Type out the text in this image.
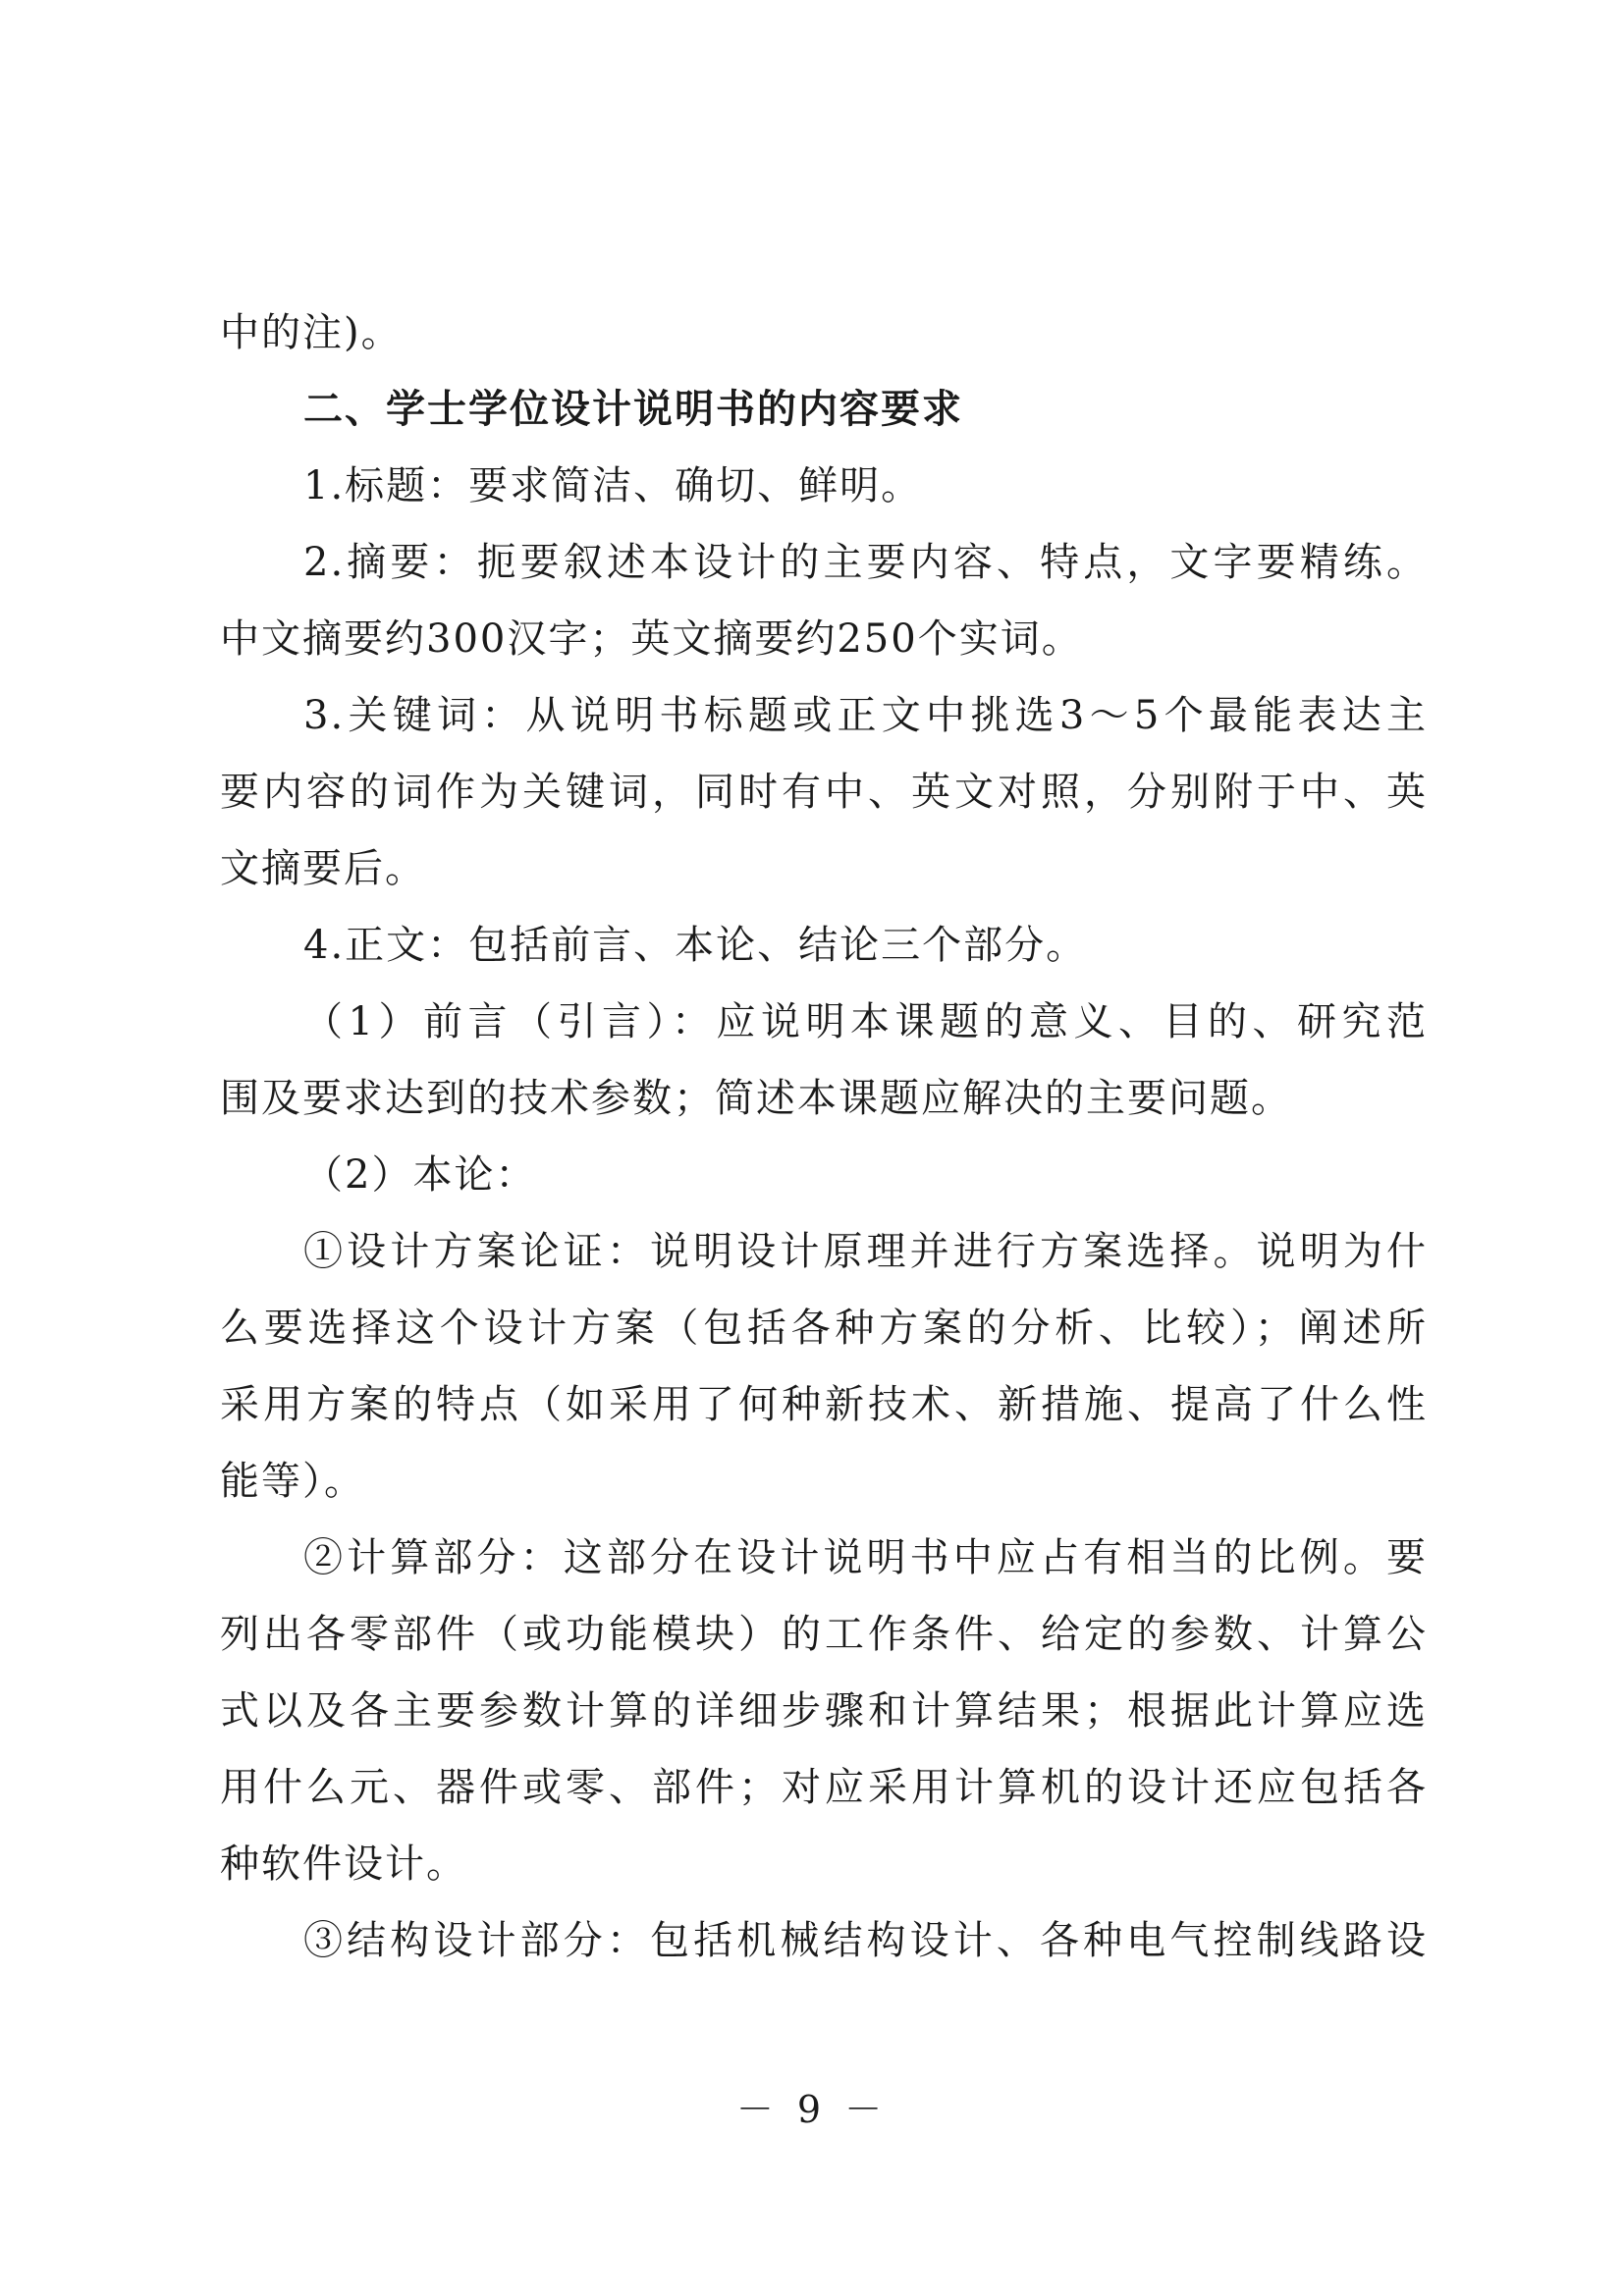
中的注)。
二、学士学位设计说明书的内容要求
1.标题：要求简洁、确切、鲜明。
2.摘要：扼要叙述本设计的主要内容、特点，文字要精练。
中文摘要约300汉字；英文摘要约250个实词。
3.关键词：从说明书标题或正文中挑选3～5个最能表达主
要内容的词作为关键词，同时有中、英文对照，分别附于中、英
文摘要后。
4.正文：包括前言、本论、结论三个部分。
（1）前言（引言）：应说明本课题的意义、目的、研究范
围及要求达到的技术参数；简述本课题应解决的主要问题。
（2）本论：
①设计方案论证：说明设计原理并进行方案选择。说明为什
么要选择这个设计方案（包括各种方案的分析、比较）；阐述所
采用方案的特点（如采用了何种新技术、新措施、提高了什么性
能等）。
②计算部分：这部分在设计说明书中应占有相当的比例。要
列出各零部件（或功能模块）的工作条件、给定的参数、计算公
式以及各主要参数计算的详细步骤和计算结果；根据此计算应选
用什么元、器件或零、部件；对应采用计算机的设计还应包括各
种软件设计。
③结构设计部分：包括机械结构设计、各种电气控制线路设
－ 9 －
